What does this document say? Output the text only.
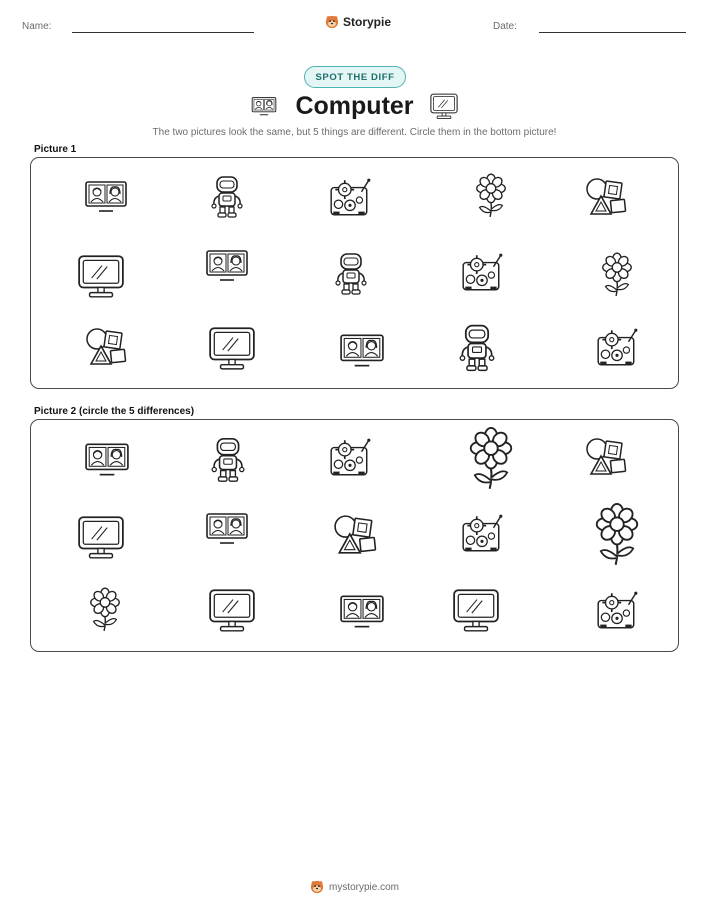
Name:	Storypie	Date:
SPOT THE DIFF
Computer
The two pictures look the same, but 5 things are different. Circle them in the bottom picture!
Picture 1
Picture 2 (circle the 5 differences)
mystorypie.com
